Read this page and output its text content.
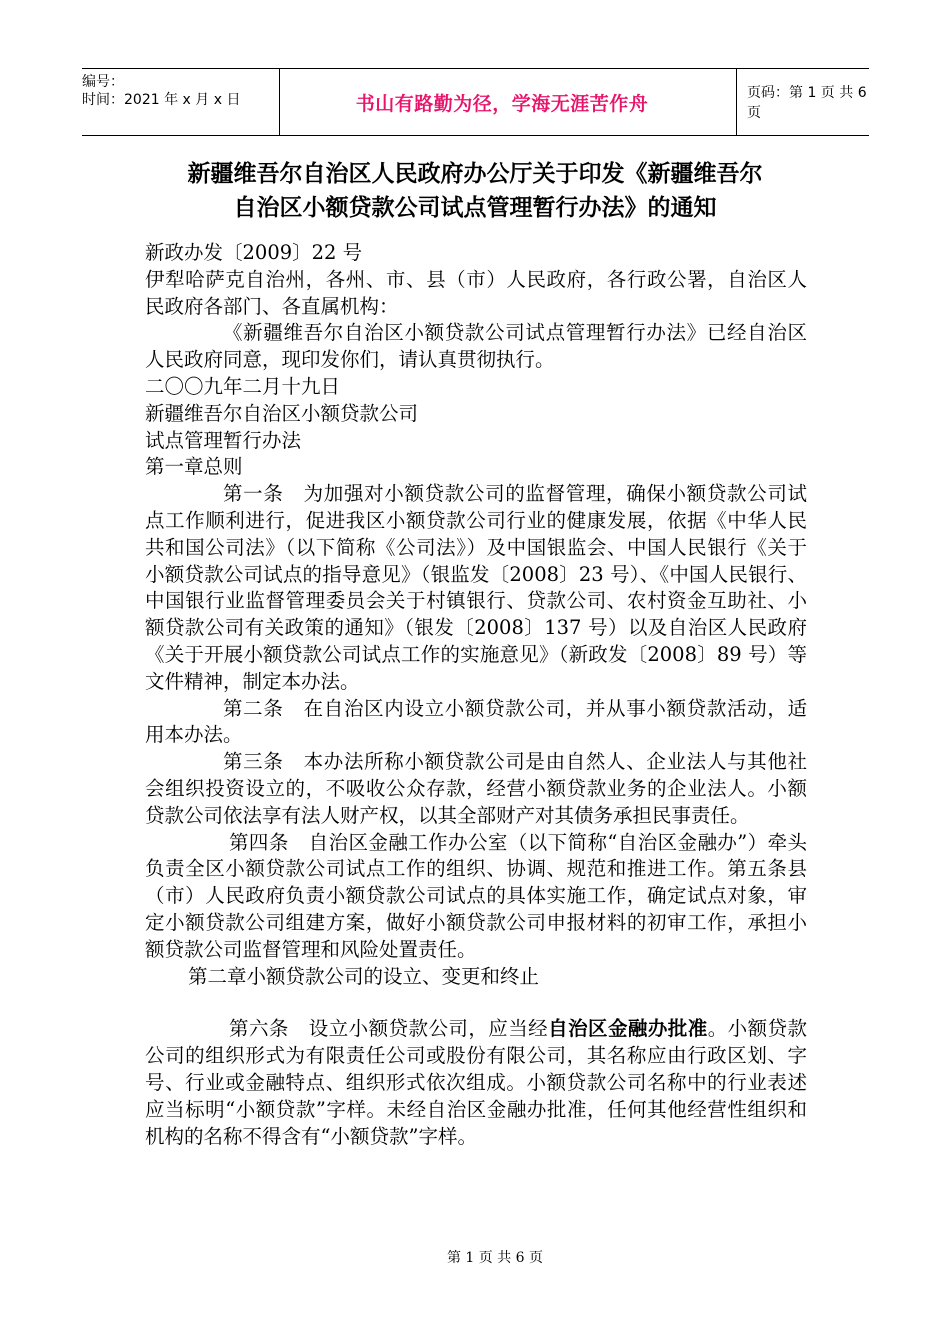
编号：
时间：2021 年 x 月 x 日	书山有路勤为径，学海无涯苦作舟	页码：第 1 页 共 6 页
新疆维吾尔自治区人民政府办公厅关于印发《新疆维吾尔
自治区小额贷款公司试点管理暂行办法》的通知

新政办发〔2009〕22 号

伊犁哈萨克自治州，各州、市、县（市）人民政府，各行政公署，自治区人民政府各部门、各直属机构：

《新疆维吾尔自治区小额贷款公司试点管理暂行办法》已经自治区人民政府同意，现印发你们，请认真贯彻执行。

二〇〇九年二月十九日

新疆维吾尔自治区小额贷款公司

试点管理暂行办法

第一章总则

第一条　为加强对小额贷款公司的监督管理，确保小额贷款公司试点工作顺利进行，促进我区小额贷款公司行业的健康发展，依据《中华人民共和国公司法》（以下简称《公司法》）及中国银监会、中国人民银行《关于小额贷款公司试点的指导意见》（银监发〔2008〕23 号）、《中国人民银行、中国银行业监督管理委员会关于村镇银行、贷款公司、农村资金互助社、小额贷款公司有关政策的通知》（银发〔2008〕137 号）以及自治区人民政府《关于开展小额贷款公司试点工作的实施意见》（新政发〔2008〕89 号）等文件精神，制定本办法。

第二条　在自治区内设立小额贷款公司，并从事小额贷款活动，适用本办法。

第三条　本办法所称小额贷款公司是由自然人、企业法人与其他社会组织投资设立的，不吸收公众存款，经营小额贷款业务的企业法人。小额贷款公司依法享有法人财产权，以其全部财产对其债务承担民事责任。

第四条　自治区金融工作办公室（以下简称“自治区金融办”）牵头负责全区小额贷款公司试点工作的组织、协调、规范和推进工作。第五条县（市）人民政府负责小额贷款公司试点的具体实施工作，确定试点对象，审定小额贷款公司组建方案，做好小额贷款公司申报材料的初审工作，承担小额贷款公司监督管理和风险处置责任。

第二章小额贷款公司的设立、变更和终止

第六条　设立小额贷款公司，应当经自治区金融办批准。小额贷款公司的组织形式为有限责任公司或股份有限公司，其名称应由行政区划、字号、行业或金融特点、组织形式依次组成。小额贷款公司名称中的行业表述应当标明“小额贷款”字样。未经自治区金融办批准，任何其他经营性组织和机构的名称不得含有“小额贷款”字样。

第 1 页 共 6 页
